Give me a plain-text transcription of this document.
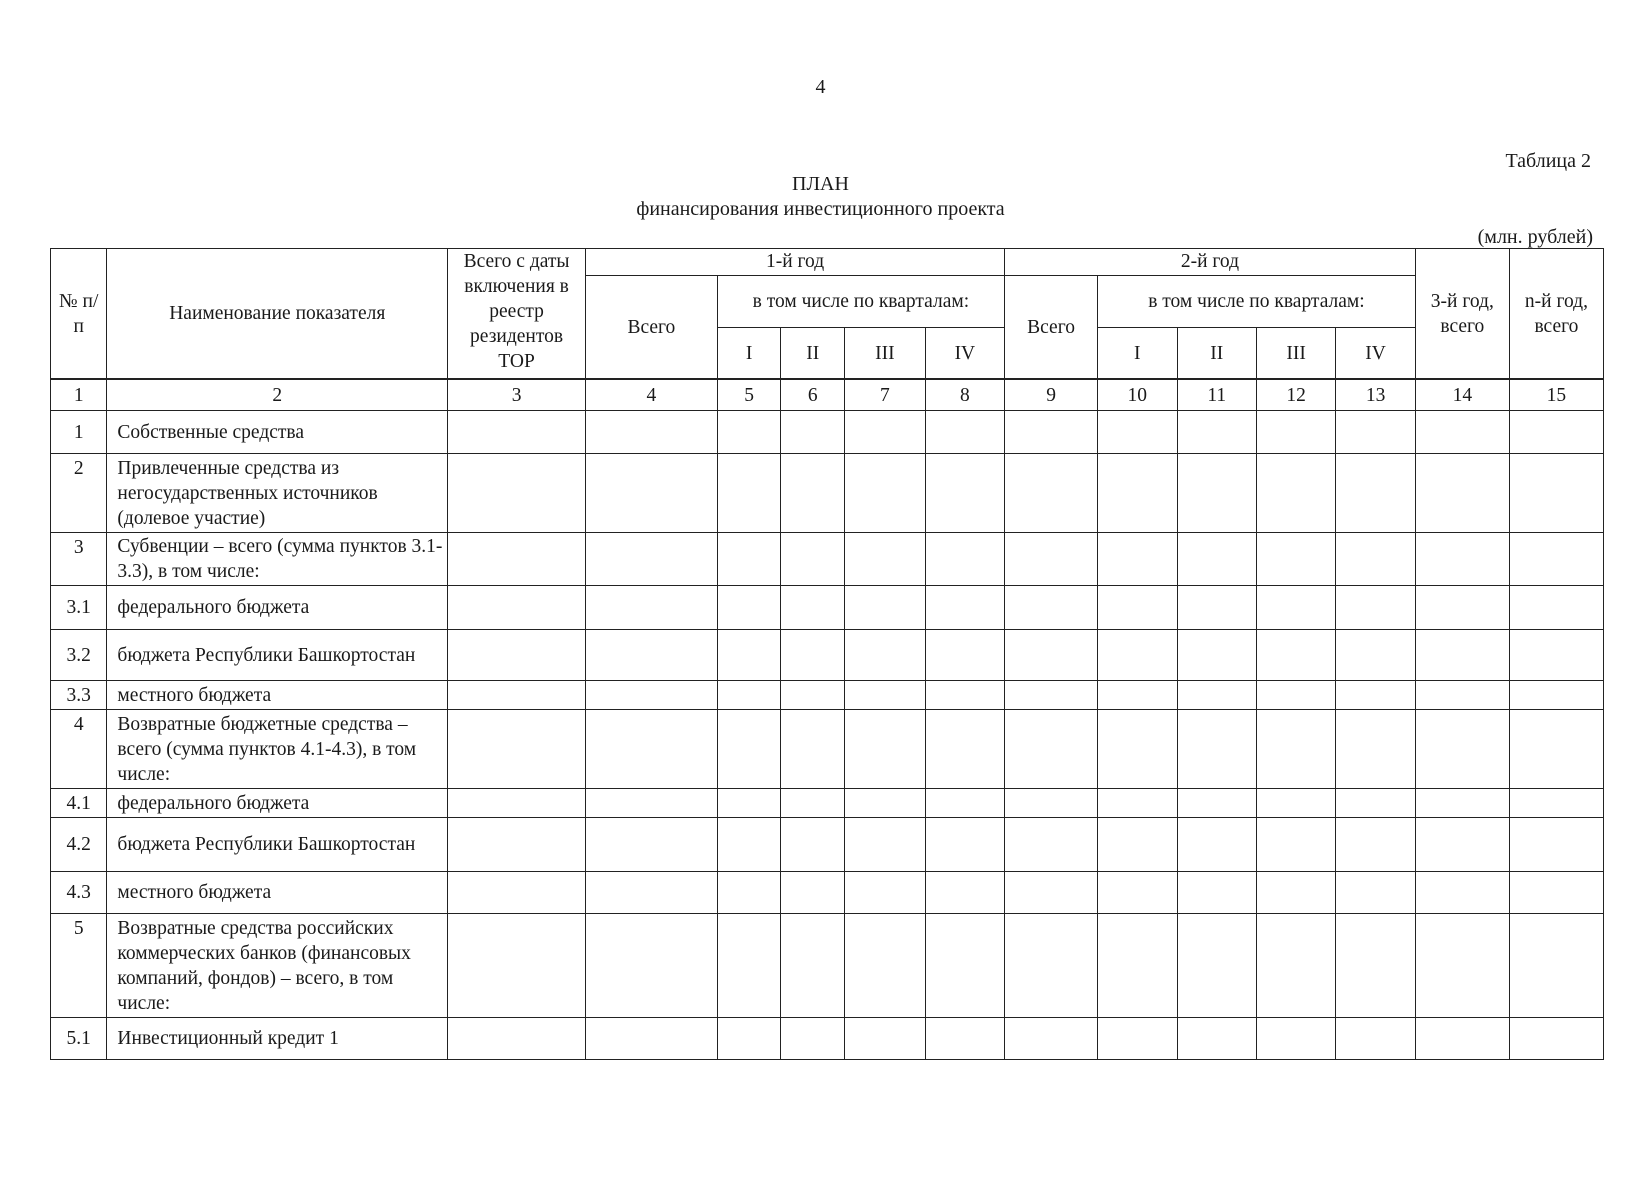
4
Таблица 2
ПЛАН
финансирования инвестиционного проекта
(млн. рублей)
№ п/п	Наименование показателя	Всего с даты включения в реестр резидентов ТОР	1-й год					2-й год					3-й год, всего	n-й год, всего
			Всего	в том числе по кварталам:				Всего	в том числе по кварталам:					
				I	II	III	IV		I	II	III	IV		
1	2	3	4	5	6	7	8	9	10	11	12	13	14	15
1	Собственные средства													
2	Привлеченные средства из негосударственных источников (долевое участие)													
3	Субвенции – всего (сумма пунктов 3.1-3.3), в том числе:													
3.1	федерального бюджета													
3.2	бюджета Республики Башкортостан													
3.3	местного бюджета													
4	Возвратные бюджетные средства – всего (сумма пунктов 4.1-4.3), в том числе:													
4.1	федерального бюджета													
4.2	бюджета Республики Башкортостан													
4.3	местного бюджета													
5	Возвратные средства российских коммерческих банков (финансовых компаний, фондов) – всего, в том числе:													
5.1	Инвестиционный кредит 1													
